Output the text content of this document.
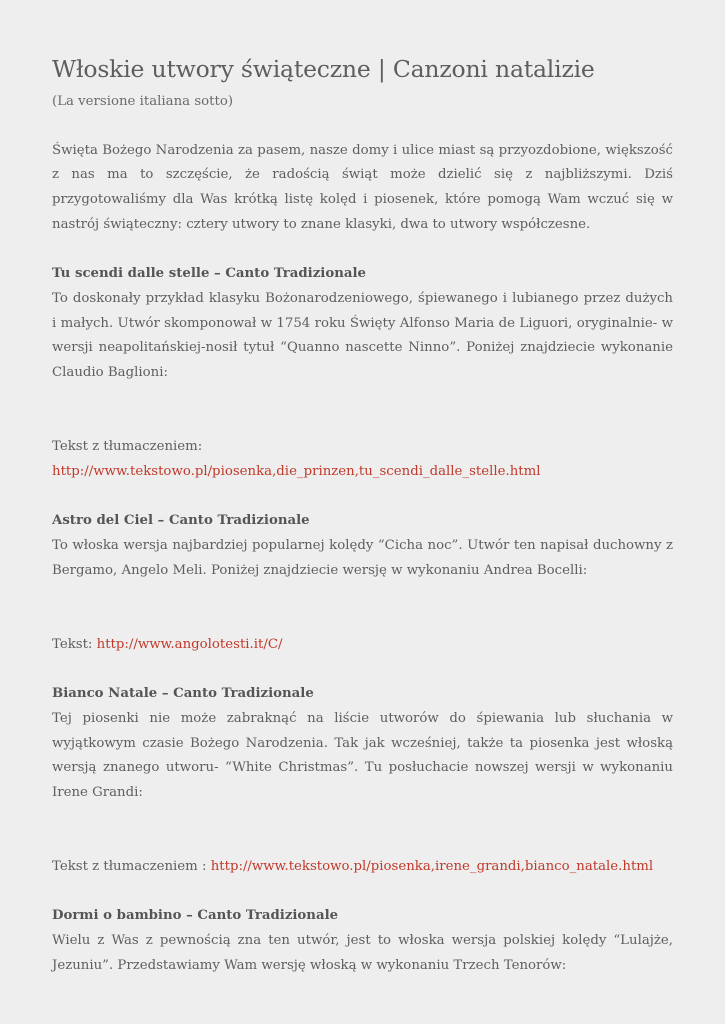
Włoskie utwory świąteczne | Canzoni natalizie

(La versione italiana sotto)

Święta Bożego Narodzenia za pasem, nasze domy i ulice miast są przyozdobione, większość z nas ma to szczęście, że radością świąt może dzielić się z najbliższymi. Dziś przygotowaliśmy dla Was krótką listę kolęd i piosenek, które pomogą Wam wczuć się w nastrój świąteczny: cztery utwory to znane klasyki, dwa to utwory współczesne.

Tu scendi dalle stelle – Canto Tradizionale

To doskonały przykład klasyku Bożonarodzeniowego, śpiewanego i lubianego przez dużych i małych. Utwór skomponował w 1754 roku Święty Alfonso Maria de Liguori, oryginalnie- w wersji neapolitańskiej-nosił tytuł “Quanno nascette Ninno”. Poniżej znajdziecie wykonanie Claudio Baglioni:

Tekst z tłumaczeniem:

http://www.tekstowo.pl/piosenka,die_prinzen,tu_scendi_dalle_stelle.html

Astro del Ciel – Canto Tradizionale

To włoska wersja najbardziej popularnej kolędy “Cicha noc”. Utwór ten napisał duchowny z Bergamo, Angelo Meli. Poniżej znajdziecie wersję w wykonaniu Andrea Bocelli:

Tekst: http://www.angolotesti.it/C/

Bianco Natale – Canto Tradizionale

Tej piosenki nie może zabraknąć na liście utworów do śpiewania lub słuchania w wyjątkowym czasie Bożego Narodzenia. Tak jak wcześniej, także ta piosenka jest włoską wersją znanego utworu- “White Christmas”. Tu posłuchacie nowszej wersji w wykonaniu Irene Grandi:

Tekst z tłumaczeniem : http://www.tekstowo.pl/piosenka,irene_grandi,bianco_natale.html

Dormi o bambino – Canto Tradizionale

Wielu z Was z pewnością zna ten utwór, jest to włoska wersja polskiej kolędy “Lulajże, Jezuniu”. Przedstawiamy Wam wersję włoską w wykonaniu Trzech Tenorów:
